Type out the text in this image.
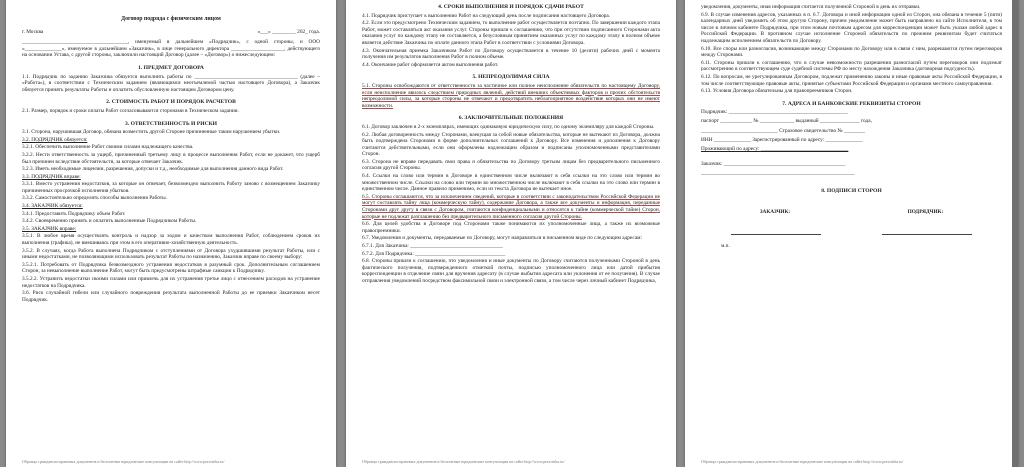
Договор подряда с физическим лицом
г. Москва	«___» _________ 202_ года.

________________________________________, именуемый в дальнейшем «Подрядчик», с одной стороны, и ООО «______________», именуемое в дальнейшем «Заказчик», в лице генерального директора ____________________, действующего на основании Устава, с другой стороны, заключили настоящий Договор (далее – «Договор») о нижеследующем:

1. ПРЕДМЕТ ДОГОВОРА

1.1. Подрядчик по заданию Заказчика обязуется выполнить работы по _______________________________________ (далее – «Работа»), в соответствии с Техническим заданием (являющимся неотъемлемой частью настоящего Договора), а Заказчик обязуется принять результаты Работы и оплатить обусловленную настоящим Договором цену.

2. СТОИМОСТЬ РАБОТ И ПОРЯДОК РАСЧЕТОВ

2.1. Размер, порядок и сроки оплаты Работ согласовываются сторонами в Техническом задании.

3. ОТВЕТСТВЕННОСТЬ И РИСКИ

3.1. Сторона, нарушившая Договор, обязана возместить другой Стороне причиненные таким нарушением убытки.

3.2. ПОДРЯДЧИК обязуется:

3.2.1. Обеспечить выполнение Работ своими силами надлежащего качества.

3.2.2. Нести ответственность за ущерб, причиненный третьему лицу в процессе выполнения Работ, если не докажет, что ущерб был причинен вследствие обстоятельств, за которые отвечает Заказчик.

3.2.3. Иметь необходимые лицензии, разрешения, допуски и т.д., необходимые для выполнения данного вида Работ.

3.3. ПОДРЯДЧИК вправе:

3.3.1. Вместо устранения недостатков, за которые он отвечает, безвозмездно выполнить Работу заново с возмещением Заказчику причиненных просрочкой исполнения убытков.

3.3.2. Самостоятельно определять способы выполнения Работы.

3.4. ЗАКАЗЧИК обязуется:

3.4.1. Предоставить Подрядчику объем Работ.

3.4.2. Своевременно принять и оплатить выполненные Подрядчиком Работы.

3.5. ЗАКАЗЧИК вправе:

3.5.1. В любое время осуществлять контроль и надзор за ходом и качеством выполнения Работ, соблюдением сроков их выполнения (графика), не вмешиваясь при этом в его оперативно-хозяйственную деятельность.

3.5.2. В случаях, когда Работа выполнена Подрядчиком с отступлениями от Договора ухудшившими результат Работы, или с иными недостатками, не позволяющими использовать результат Работы по назначению, Заказчик вправе по своему выбору:

3.5.2.1. Потребовать от Подрядчика безвозмездного устранения недостатков в разумный срок. Дополнительным соглашением Сторон, за невыполнение выполнение Работ, могут быть предусмотрены штрафные санкции к Подрядчику.

3.5.2.2. Устранить недостатки своими силами или привлечь для их устранения третье лицо с отнесением расходов на устранение недостатков на Подрядчика.

3.6. Риск случайной гибели или случайного повреждения результата выполненной Работы до ее приемки Заказчиком несет Подрядчик.

Образцы гражданско-правовых документов и бесплатные юридические консультации на сайте http://www.pravoteka.ru/
4. СРОКИ ВЫПОЛНЕНИЯ И ПОРЯДОК СДАЧИ РАБОТ

4.1. Подрядчик приступает к выполнению Работ на следующий день после подписания настоящего Договора.

4.2. Если это предусмотрено Техническим заданием, то выполнение работ осуществляется поэтапно. По завершении каждого этапа Работ, может составляться акт оказания услуг. Стороны пришли к соглашению, что при отсутствии подписанного Сторонами акта оказания услуг по каждому этапу не составляется, а безусловным принятием оказанных услуг по каждому этапу в полном объеме является действие Заказчика по оплате данного этапа Работ в соответствии с условиями Договора.

4.3. Окончательная приемка Заказчиком Работ по Договору осуществляется в течение 10 (десяти) рабочих дней с момента получения им результатов выполнения Работ в полном объеме.

4.4. Окончание работ оформляется актом выполнения работ.

5. НЕПРЕОДОЛИМАЯ СИЛА

5.1. Стороны освобождаются от ответственности за частичное или полное неисполнение обязательств по настоящему Договору, если неисполнение явилось следствием природных явлений, действий внешних объективных факторов и прочих обстоятельств непреодолимой силы, за которые стороны не отвечают и предотвратить неблагоприятное воздействие которых они не имеют возможности.

6. ЗАКЛЮЧИТЕЛЬНЫЕ ПОЛОЖЕНИЯ

6.1. Договор заключен в 2-х экземплярах, имеющих одинаковую юридическую силу, по одному экземпляру для каждой Стороны.

6.2. Любая договоренность между Сторонами, влекущая за собой новые обязательства, которые не вытекают из Договора, должна быть подтверждена Сторонами в форме дополнительных соглашений к Договору. Все изменения и дополнения к Договору считаются действительными, если они оформлены надлежащим образом и подписаны уполномоченными представителями Сторон.

6.3. Сторона не вправе передавать свои права и обязательства по Договору третьим лицам без предварительного письменного согласия другой Стороны.

6.4. Ссылки на слово или термин в Договоре в единственном числе включают в себя ссылки на это слово или термин во множественном числе. Ссылки на слово или термин во множественном числе включают в себя ссылки на это слово или термин в единственном числе. Данное правило применимо, если из текста Договора не вытекает иное.

6.5. Стороны соглашаются, что за исключением сведений, которые в соответствии с законодательством Российской Федерации не могут составлять тайну лица (коммерческую тайну), содержание Договора, а также все документы и информация, переданные Сторонами друг другу в связи с Договором, считаются конфиденциальными и относятся к тайне (коммерческой тайне) Сторон, которые не подлежат разглашению без предварительного письменного согласия другой Стороны.

6.6. Для целей удобства в Договоре под Сторонами также понимаются их уполномоченные лица, а также их возможные правопреемники.

6.7. Уведомления и документы, передаваемые по Договору, могут направляться в письменном виде по следующим адресам:

6.7.1. Для Заказчика: ___________________________________

6.7.2. Для Подрядчика: __________________________________

6.8. Стороны пришли к соглашению, что уведомления и иные документы по Договору считаются полученными Стороной в день фактического получения, подтвержденного отметкой почты, подписью уполномоченного лица или датой прибытия корреспонденции в отделение связи для вручения адресату (в случае выбытия адресата или уклонения от ее получения). В случае отправления уведомлений посредством факсимильной связи и электронной связи, а том числе через личный кабинет Подрядчика,

Образцы гражданско-правовых документов и бесплатные юридические консультации на сайте http://www.pravoteka.ru/

уведомления, документы, иная информация считается полученной Стороной в день их отправки.

6.9. В случае изменения адресов, указанных в п. 6.7. Договора и иной информации одной из Сторон, она обязана в течение 5 (пяти) календарных дней уведомить об этом другую Сторону, причем уведомление может быть направлено на сайте Исполнителя, в том числе в личном кабинете Подрядчика, при этом новым почтовым адресом для корреспонденции может быть указан любой адрес в Российской Федерации. В противном случае исполнение Стороной обязательств по прежним реквизитам будет считаться надлежащим исполнением обязательств по Договору.

6.10. Все споры или разногласия, возникающие между Сторонами по Договору или в связи с ним, разрешаются путем переговоров между Сторонами.

6.11. Стороны пришли к соглашению, что в случае невозможности разрешения разногласий путем переговоров они подлежат рассмотрению в соответствующем суде судебной системы РФ по месту нахождения Заказчика (договорная подсудность).

6.12. По вопросам, не урегулированным Договором, подлежат применению законы и иные правовые акты Российской Федерации, в том числе соответствующие правовые акты, принятые субъектами Российской Федерации и органами местного самоуправления.

6.13. Условия Договора обязательны для правопреемников Сторон.

7. АДРЕСА И БАНКОВСКИЕ РЕКВИЗИТЫ СТОРОН

Подрядчик: _____________________________________________

паспорт ____________ № _____________ выданный _______________ года,

_____________________________ Страховое свидетельство № ________

ИНН ______________ Зарегистрированный по адресу: ______________

Проживающий по адресу: _________________________________

Заказчик: ______________________________________________

__________________________________________________________

8. ПОДПИСИ СТОРОН
ЗАКАЗЧИК:	ПОДРЯДЧИК:

м.п.

Образцы гражданско-правовых документов и бесплатные юридические консультации на сайте http://www.pravoteka.ru/
